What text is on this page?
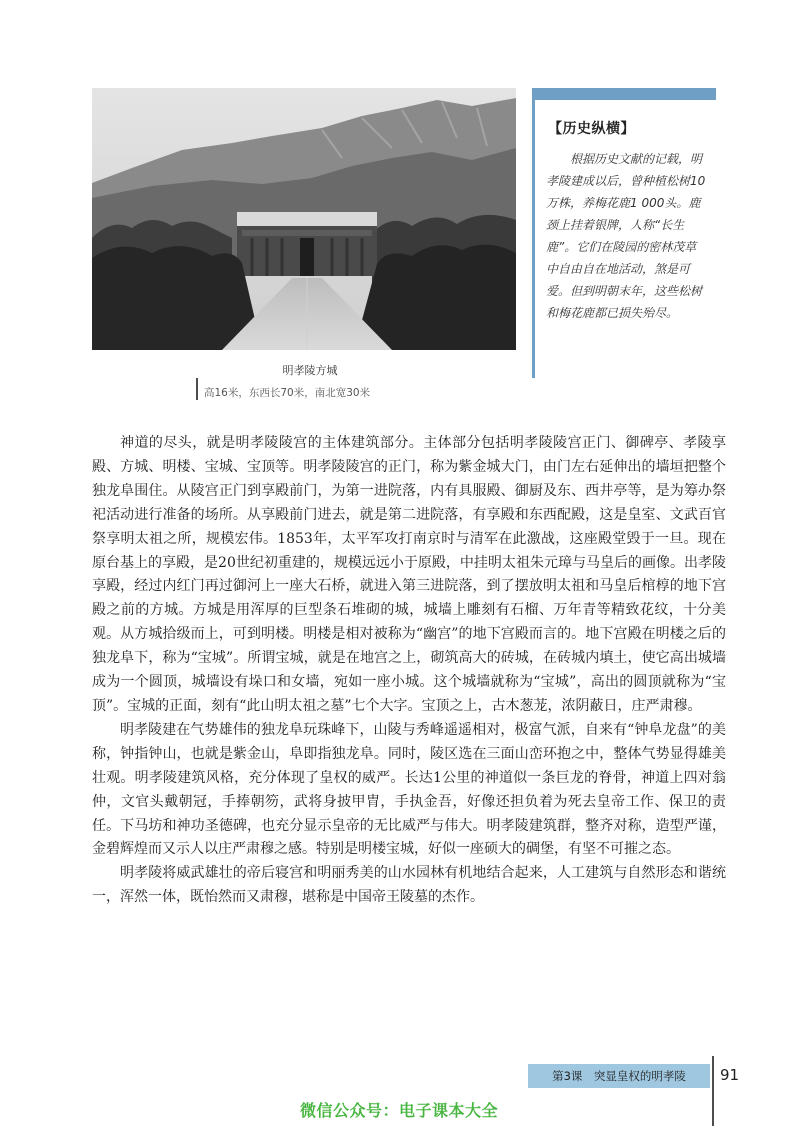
明孝陵方城
高16米，东西长70米，南北宽30米
【历史纵横】
根据历史文献的记载，明孝陵建成以后，曾种植松树10万株，养梅花鹿1 000头。鹿颈上挂着银牌，人称“长生鹿”。它们在陵园的密林茂草中自由自在地活动，煞是可爱。但到明朝末年，这些松树和梅花鹿都已损失殆尽。

神道的尽头，就是明孝陵陵宫的主体建筑部分。主体部分包括明孝陵陵宫正门、御碑亭、孝陵享殿、方城、明楼、宝城、宝顶等。明孝陵陵宫的正门，称为紫金城大门，由门左右延伸出的墙垣把整个独龙阜围住。从陵宫正门到享殿前门，为第一进院落，内有具服殿、御厨及东、西井亭等，是为筹办祭祀活动进行准备的场所。从享殿前门进去，就是第二进院落，有享殿和东西配殿，这是皇室、文武百官祭享明太祖之所，规模宏伟。1853年，太平军攻打南京时与清军在此激战，这座殿堂毁于一旦。现在原台基上的享殿，是20世纪初重建的，规模远远小于原殿，中挂明太祖朱元璋与马皇后的画像。出孝陵享殿，经过内红门再过御河上一座大石桥，就进入第三进院落，到了摆放明太祖和马皇后棺椁的地下宫殿之前的方城。方城是用浑厚的巨型条石堆砌的城，城墙上雕刻有石榴、万年青等精致花纹，十分美观。从方城拾级而上，可到明楼。明楼是相对被称为“幽宫”的地下宫殿而言的。地下宫殿在明楼之后的独龙阜下，称为“宝城”。所谓宝城，就是在地宫之上，砌筑高大的砖城，在砖城内填土，使它高出城墙成为一个圆顶，城墙设有垛口和女墙，宛如一座小城。这个城墙就称为“宝城”，高出的圆顶就称为“宝顶”。宝城的正面，刻有“此山明太祖之墓”七个大字。宝顶之上，古木葱茏，浓阴蔽日，庄严肃穆。

明孝陵建在气势雄伟的独龙阜玩珠峰下，山陵与秀峰遥遥相对，极富气派，自来有“钟阜龙盘”的美称，钟指钟山，也就是紫金山，阜即指独龙阜。同时，陵区选在三面山峦环抱之中，整体气势显得雄美壮观。明孝陵建筑风格，充分体现了皇权的威严。长达1公里的神道似一条巨龙的脊骨，神道上四对翁仲，文官头戴朝冠，手捧朝笏，武将身披甲胄，手执金吾，好像还担负着为死去皇帝工作、保卫的责任。下马坊和神功圣德碑，也充分显示皇帝的无比威严与伟大。明孝陵建筑群，整齐对称，造型严谨，金碧辉煌而又示人以庄严肃穆之感。特别是明楼宝城，好似一座硕大的碉堡，有坚不可摧之态。

明孝陵将威武雄壮的帝后寝宫和明丽秀美的山水园林有机地结合起来，人工建筑与自然形态和谐统一，浑然一体，既怡然而又肃穆，堪称是中国帝王陵墓的杰作。

第3课　突显皇权的明孝陵	91
微信公众号：电子课本大全
